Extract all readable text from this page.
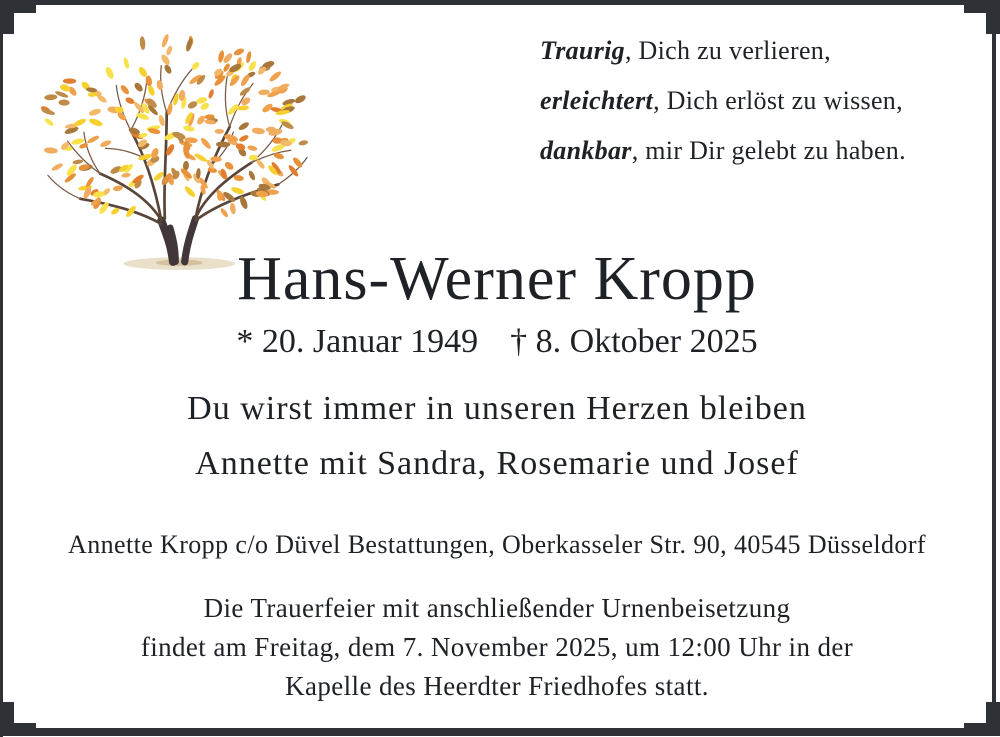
Traurig, Dich zu verlieren,
erleichtert, Dich erlöst zu wissen,
dankbar, mir Dir gelebt zu haben.
Hans-Werner Kropp
* 20. Januar 1949 † 8. Oktober 2025
Du wirst immer in unseren Herzen bleiben
Annette mit Sandra, Rosemarie und Josef
Annette Kropp c/o Düvel Bestattungen, Oberkasseler Str. 90, 40545 Düsseldorf
Die Trauerfeier mit anschließender Urnenbeisetzung
findet am Freitag, dem 7. November 2025, um 12:00 Uhr in der
Kapelle des Heerdter Friedhofes statt.
